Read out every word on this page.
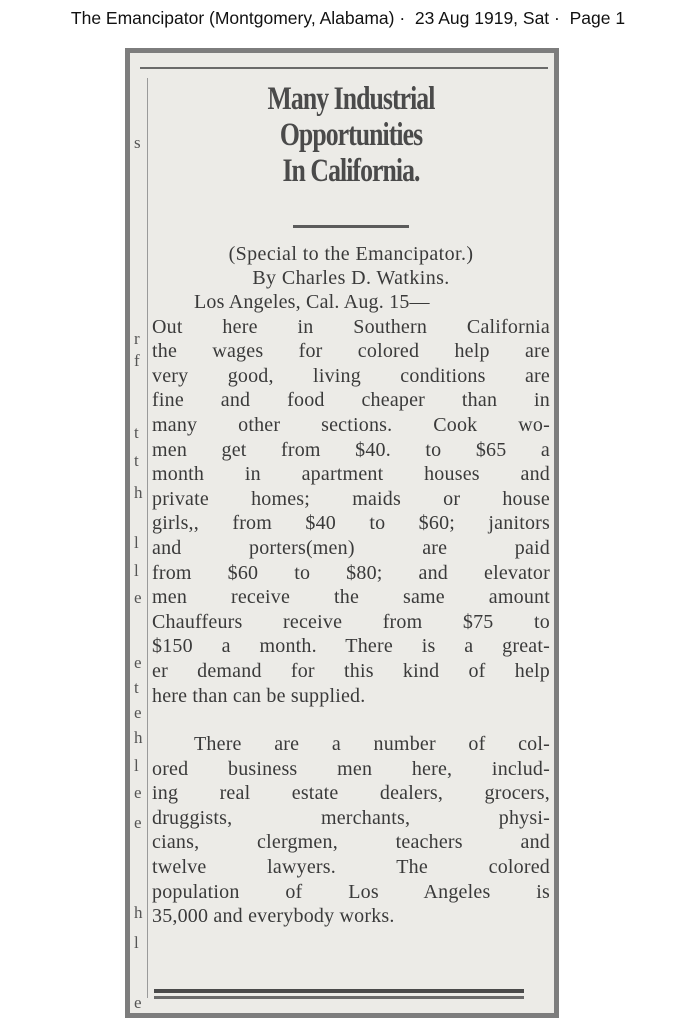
The Emancipator (Montgomery, Alabama) ·  23 Aug 1919, Sat ·  Page 1
s
r
f
t
t
h
l
l
e
e
t
e
h
l
e
e
h
l
e
Many Industrial Opportunities
In California.
(Special to the Emancipator.)
By Charles D. Watkins.
Los Angeles, Cal. Aug. 15—
Out here in Southern California
the wages for colored help are
very good, living conditions are
fine and food cheaper than in
many other sections. Cook wo-
men get from $40. to $65 a
month in apartment houses and
private homes; maids or house
girls,, from $40 to $60; janitors
and porters(men) are paid
from $60 to $80; and elevator
men receive the same amount
Chauffeurs receive from $75 to
$150 a month. There is a great-
er demand for this kind of help
here than can be supplied.
There are a number of col-
ored business men here, includ-
ing real estate dealers, grocers,
druggists, merchants, physi-
cians, clergmen, teachers and
twelve lawyers. The colored
population of Los Angeles is
35,000 and everybody works.
